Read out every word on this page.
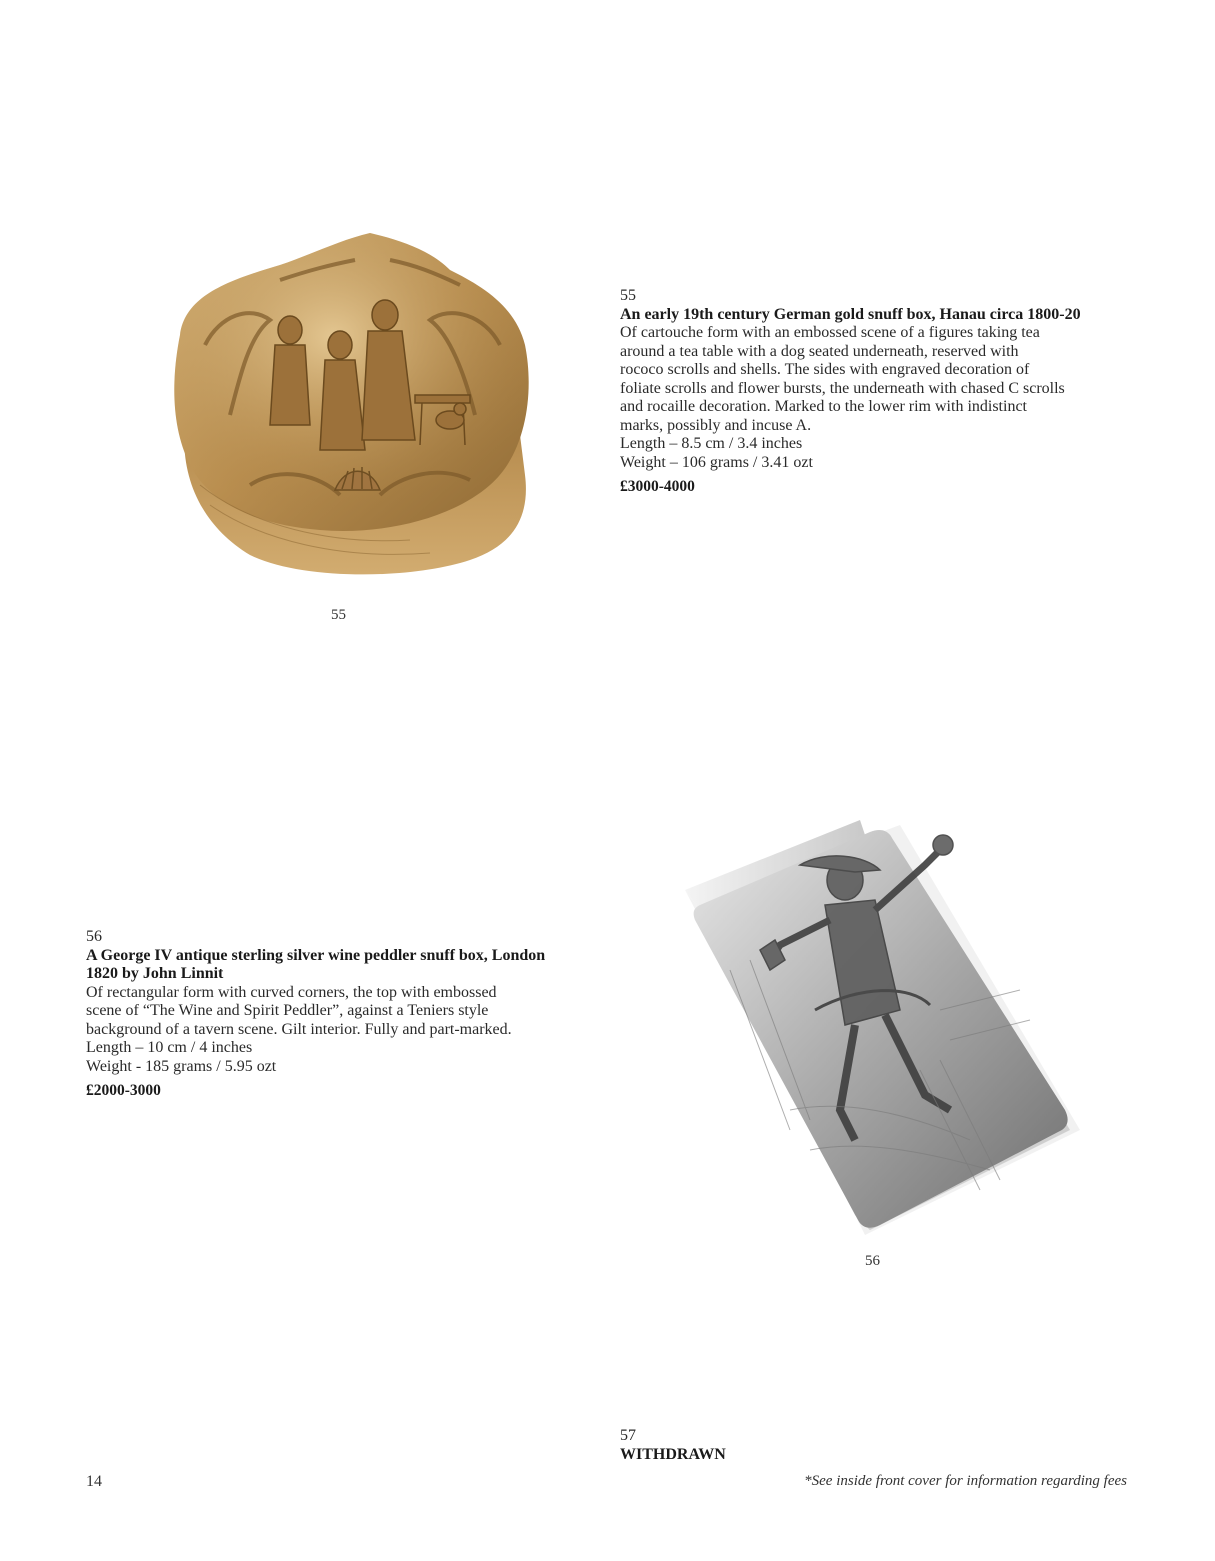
55
55
An early 19th century German gold snuff box, Hanau circa 1800-20
Of cartouche form with an embossed scene of a figures taking tea
around a tea table with a dog seated underneath, reserved with
rococo scrolls and shells. The sides with engraved decoration of
foliate scrolls and flower bursts, the underneath with chased C scrolls
and rocaille decoration. Marked to the lower rim with indistinct
marks, possibly and incuse A.
Length – 8.5 cm / 3.4 inches
Weight – 106 grams / 3.41 ozt
£3000-4000
56
A George IV antique sterling silver wine peddler snuff box, London
1820 by John Linnit
Of rectangular form with curved corners, the top with embossed
scene of “The Wine and Spirit Peddler”, against a Teniers style
background of a tavern scene. Gilt interior. Fully and part-marked.
Length – 10 cm / 4 inches
Weight - 185 grams / 5.95 ozt
£2000-3000
56
57
WITHDRAWN
14	*See inside front cover for information regarding fees
